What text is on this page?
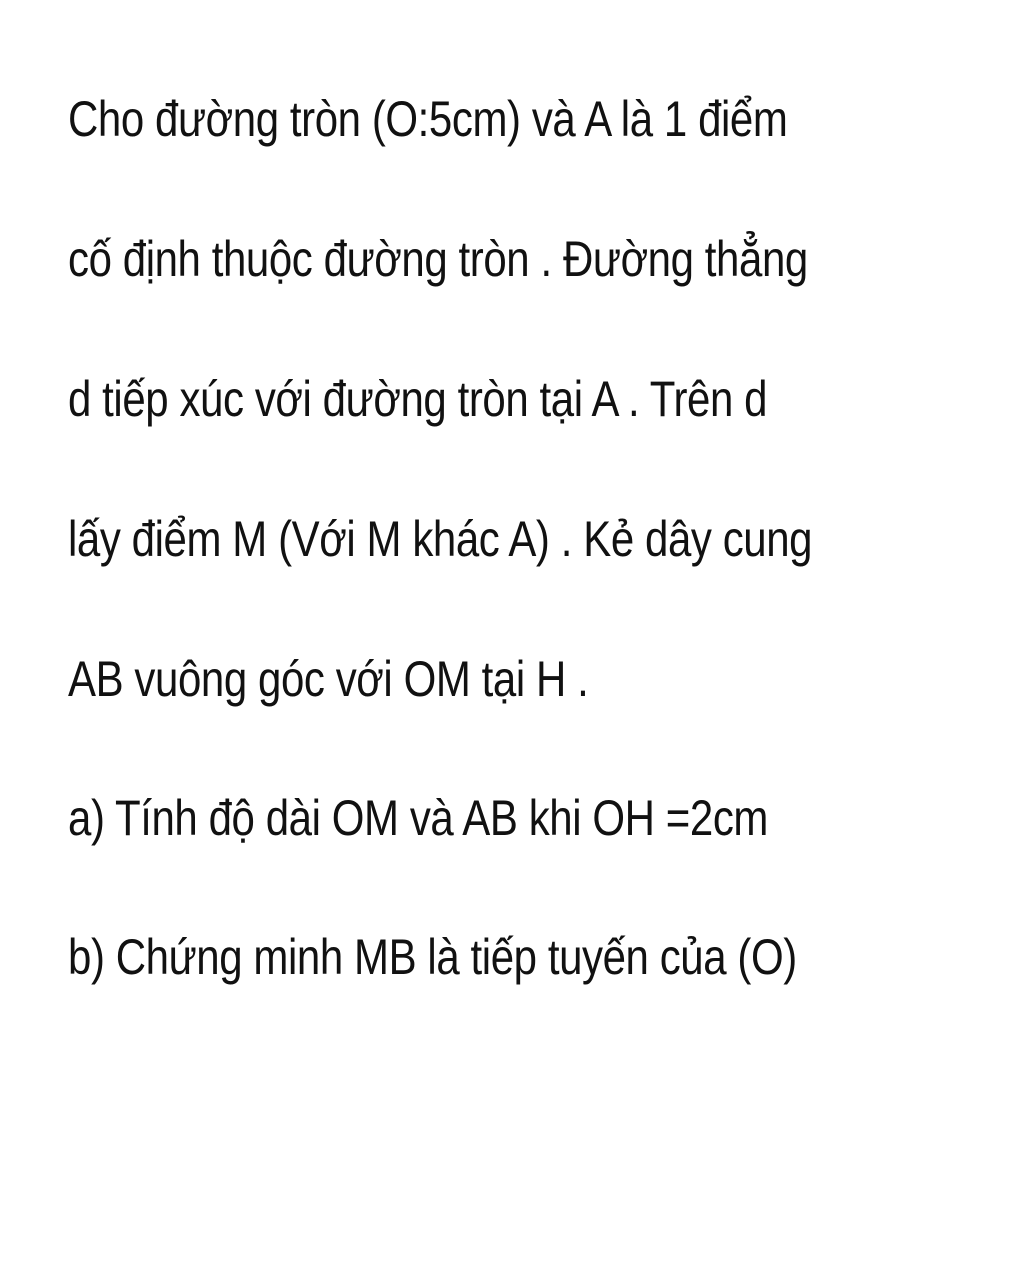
Cho đường tròn (O:5cm) và A là 1 điểm
cố định thuộc đường tròn . Đường thẳng
d tiếp xúc với đường tròn tại A . Trên d
lấy điểm M (Với M khác A) . Kẻ dây cung
AB vuông góc với OM tại H .
a) Tính độ dài OM và AB khi OH =2cm
b) Chứng minh MB là tiếp tuyến của (O)
